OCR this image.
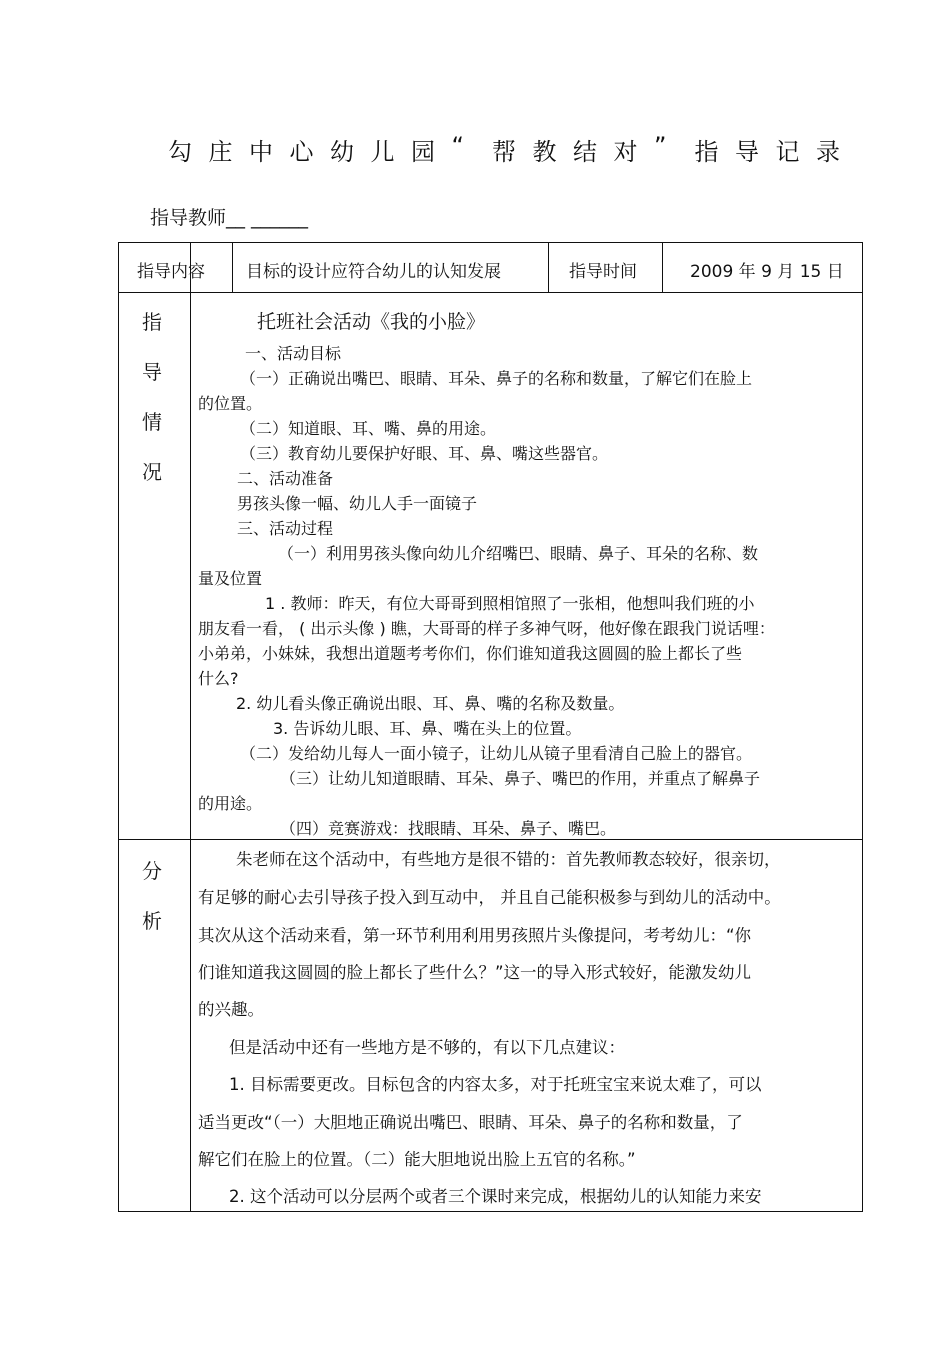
勾 庄 中 心 幼 儿 园 “ 帮 教 结 对 ” 指 导 记 录
指导教师__ ______
指导内容 目标的设计应符合幼儿的认知发展	指导时间	2009 年 9 月 15 日
指
导
情
况
托班社会活动《我的小脸》
一、活动目标
（一）正确说出嘴巴、眼睛、耳朵、鼻子的名称和数量，了解它们在脸上
的位置。
（二）知道眼、耳、嘴、鼻的用途。
（三）教育幼儿要保护好眼、耳、鼻、嘴这些器官。
二、活动准备
男孩头像一幅、幼儿人手一面镜子
三、活动过程
（一）利用男孩头像向幼儿介绍嘴巴、眼睛、鼻子、耳朵的名称、数
量及位置
1 . 教师：昨天，有位大哥哥到照相馆照了一张相，他想叫我们班的小
朋友看一看， ( 出示头像 ) 瞧，大哥哥的样子多神气呀，他好像在跟我门说话哩：
小弟弟，小妹妹，我想出道题考考你们，你们谁知道我这圆圆的脸上都长了些
什么?
2. 幼儿看头像正确说出眼、耳、鼻、嘴的名称及数量。
3. 告诉幼儿眼、耳、鼻、嘴在头上的位置。
（二）发给幼儿每人一面小镜子，让幼儿从镜子里看清自己脸上的器官。
（三）让幼儿知道眼睛、耳朵、鼻子、嘴巴的作用，并重点了解鼻子
的用途。
（四）竞赛游戏：找眼睛、耳朵、鼻子、嘴巴。
分
析
朱老师在这个活动中，有些地方是很不错的：首先教师教态较好，很亲切，
有足够的耐心去引导孩子投入到互动中， 并且自己能积极参与到幼儿的活动中。
其次从这个活动来看，第一环节利用利用男孩照片头像提问，考考幼儿：“你
们谁知道我这圆圆的脸上都长了些什么？”这一的导入形式较好，能激发幼儿
的兴趣。
但是活动中还有一些地方是不够的，有以下几点建议：
1. 目标需要更改。目标包含的内容太多，对于托班宝宝来说太难了，可以
适当更改“（一）大胆地正确说出嘴巴、眼睛、耳朵、鼻子的名称和数量，了
解它们在脸上的位置。（二）能大胆地说出脸上五官的名称。”
2. 这个活动可以分层两个或者三个课时来完成，根据幼儿的认知能力来安
